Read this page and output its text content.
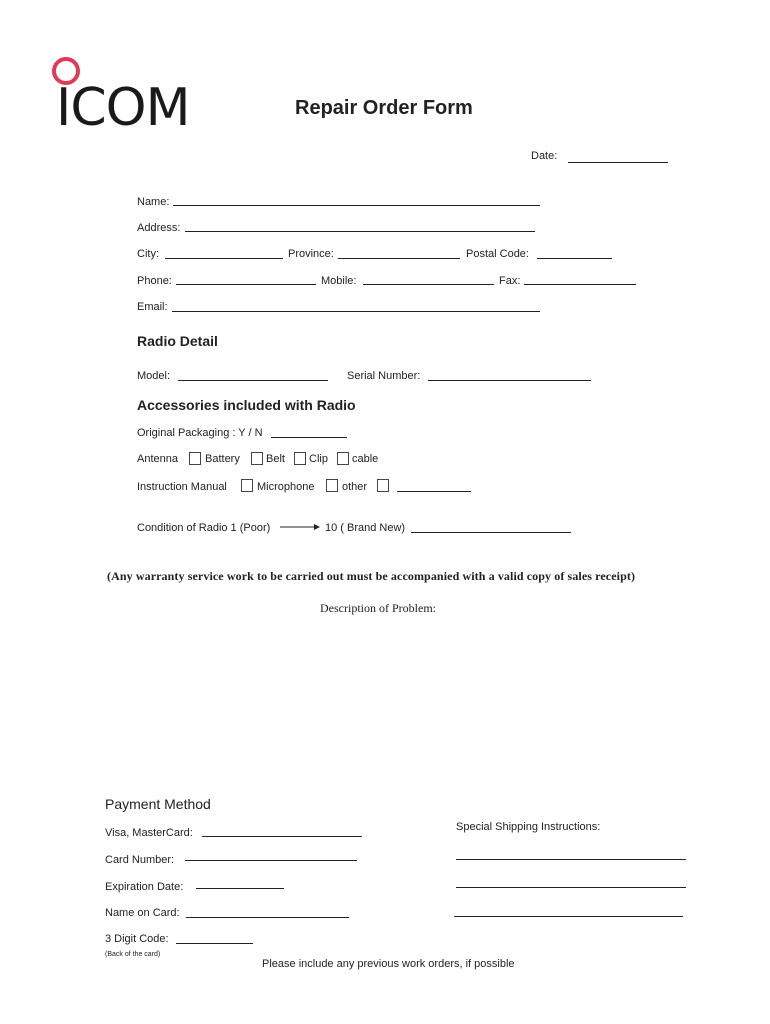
ICOM	Repair Order Form
Date:
Name:
Address:
City:	Province:	Postal Code:
Phone:	Mobile:	Fax:
Email:
Radio Detail
Model:	Serial Number:
Accessories included with Radio
Original Packaging : Y / N
Antenna Battery Belt Clip cable
Instruction Manual	Microphone	other
Condition of Radio 1 (Poor)	10 ( Brand New)
(Any warranty service work to be carried out must be accompanied with a valid copy of sales receipt)
Description of Problem:
Payment Method
Visa, MasterCard:
Card Number:
Expiration Date:
Name on Card:
3 Digit Code:
(Back of the card)
Special Shipping Instructions:
Please include any previous work orders, if possible
